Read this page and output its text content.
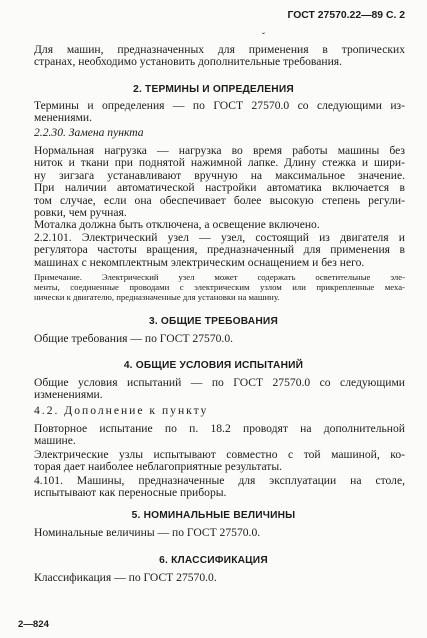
ГОСТ 27570.22—89 С. 2
ˇ
Для машин, предназначенных для применения в тропических
странах, необходимо установить дополнительные требования.
2. ТЕРМИНЫ И ОПРЕДЕЛЕНИЯ
Термины и определения — по ГОСТ 27570.0 со следующими из-
менениями.
2.2.30. Замена пункта
Нормальная нагрузка — нагрузка во время работы машины без
ниток и ткани при поднятой нажимной лапке. Длину стежка и шири-
ну зигзага устанавливают вручную на максимальное значение.
При наличии автоматической настройки автоматика включается в
том случае, если она обеспечивает более высокую степень регули-
ровки, чем ручная.
Моталка должна быть отключена, а освещение включено.
2.2.101. Электрический узел — узел, состоящий из двигателя и
регулятора частоты вращения, предназначенный для применения в
машинах с некомплектным электрическим оснащением и без него.
Примечание. Электрический узел может содержать осветительные эле-
менты, соединенные проводами с электрическим узлом или прикрепленные меха-
нически к двигателю, предназначенные для установки на машину.
3. ОБЩИЕ ТРЕБОВАНИЯ
Общие требования — по ГОСТ 27570.0.
4. ОБЩИЕ УСЛОВИЯ ИСПЫТАНИЙ
Общие условия испытаний — по ГОСТ 27570.0 со следующими
изменениями.
4.2. Дополнение к пункту
Повторное испытание по п. 18.2 проводят на дополнительной
машине.
Электрические узлы испытывают совместно с той машиной, ко-
торая дает наиболее неблагоприятные результаты.
4.101. Машины, предназначенные для эксплуатации на столе,
испытывают как переносные приборы.
5. НОМИНАЛЬНЫЕ ВЕЛИЧИНЫ
Номинальные величины — по ГОСТ 27570.0.
6. КЛАССИФИКАЦИЯ
Классификация — по ГОСТ 27570.0.
2—824
